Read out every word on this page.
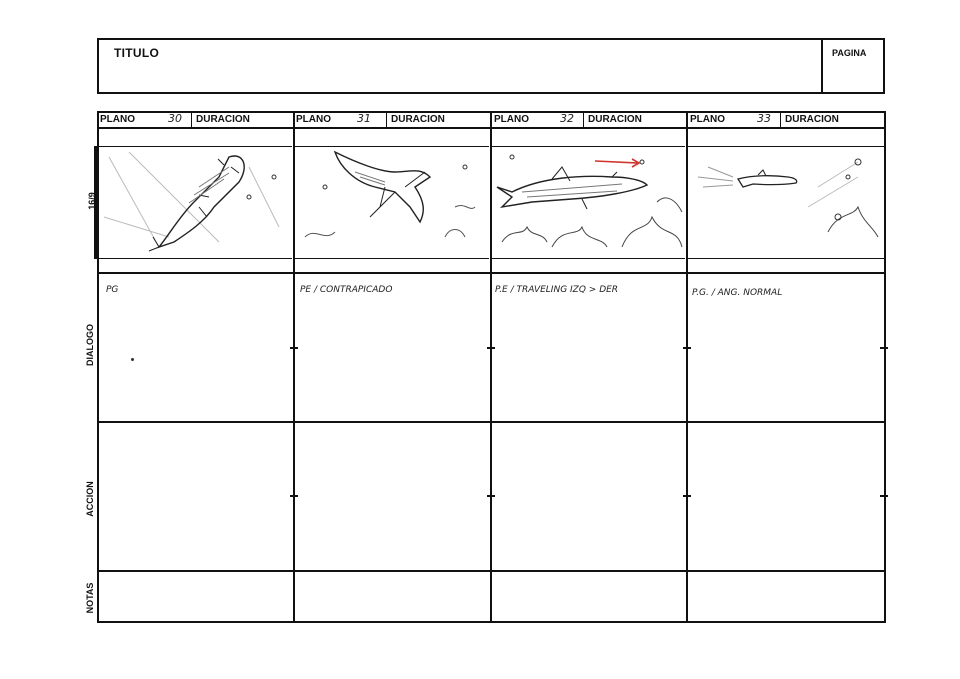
TITULO	PAGINA
16/9
DIALOGO
ACCION
NOTAS
PLANO	30 DURACION	PLANO 31 DURACION	PLANO	32 DURACION	PLANO	33 DURACION
PG	PE / CONTRAPICADO	P.E / TRAVELING IZQ > DER	P.G. / ANG. NORMAL
